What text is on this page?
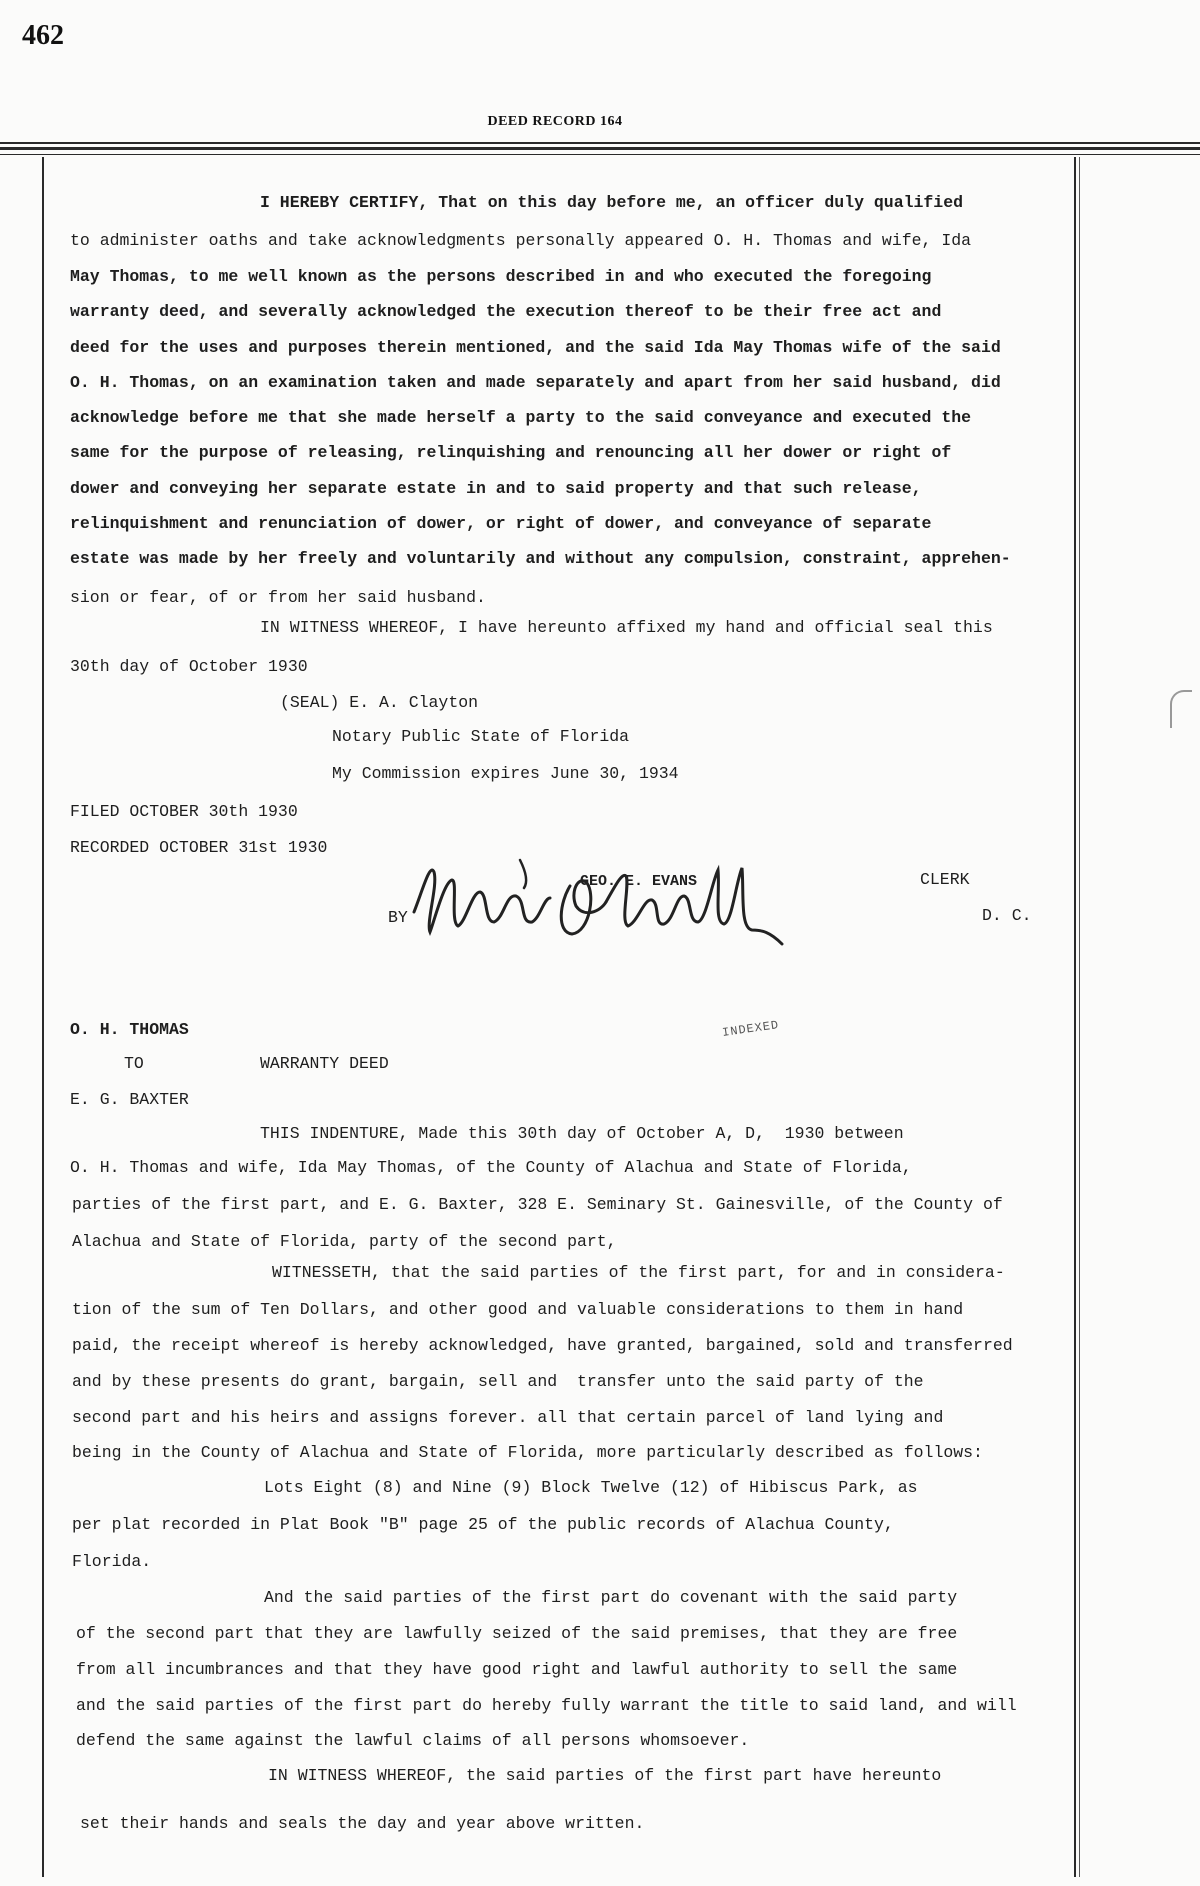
462
DEED RECORD 164
I HEREBY CERTIFY, That on this day before me, an officer duly qualified
to administer oaths and take acknowledgments personally appeared O. H. Thomas and wife, Ida
May Thomas, to me well known as the persons described in and who executed the foregoing
warranty deed, and severally acknowledged the execution thereof to be their free act and
deed for the uses and purposes therein mentioned, and the said Ida May Thomas wife of the said
O. H. Thomas, on an examination taken and made separately and apart from her said husband, did
acknowledge before me that she made herself a party to the said conveyance and executed the
same for the purpose of releasing, relinquishing and renouncing all her dower or right of
dower and conveying her separate estate in and to said property and that such release,
relinquishment and renunciation of dower, or right of dower, and conveyance of separate
estate was made by her freely and voluntarily and without any compulsion, constraint, apprehen-
sion or fear, of or from her said husband.
IN WITNESS WHEREOF, I have hereunto affixed my hand and official seal this
30th day of October 1930
(SEAL) E. A. Clayton
Notary Public State of Florida
My Commission expires June 30, 1934
FILED OCTOBER 30th 1930
RECORDED OCTOBER 31st 1930
GEO. E. EVANS	CLERK
BY	D. C.
INDEXED
O. H. THOMAS
TO	WARRANTY DEED
E. G. BAXTER
THIS INDENTURE, Made this 30th day of October A, D,  1930 between
O. H. Thomas and wife, Ida May Thomas, of the County of Alachua and State of Florida,
parties of the first part, and E. G. Baxter, 328 E. Seminary St. Gainesville, of the County of
Alachua and State of Florida, party of the second part,
WITNESSETH, that the said parties of the first part, for and in considera-
tion of the sum of Ten Dollars, and other good and valuable considerations to them in hand
paid, the receipt whereof is hereby acknowledged, have granted, bargained, sold and transferred
and by these presents do grant, bargain, sell and  transfer unto the said party of the
second part and his heirs and assigns forever. all that certain parcel of land lying and
being in the County of Alachua and State of Florida, more particularly described as follows:
Lots Eight (8) and Nine (9) Block Twelve (12) of Hibiscus Park, as
per plat recorded in Plat Book "B" page 25 of the public records of Alachua County,
Florida.
And the said parties of the first part do covenant with the said party
of the second part that they are lawfully seized of the said premises, that they are free
from all incumbrances and that they have good right and lawful authority to sell the same
and the said parties of the first part do hereby fully warrant the title to said land, and will
defend the same against the lawful claims of all persons whomsoever.
IN WITNESS WHEREOF, the said parties of the first part have hereunto
set their hands and seals the day and year above written.
